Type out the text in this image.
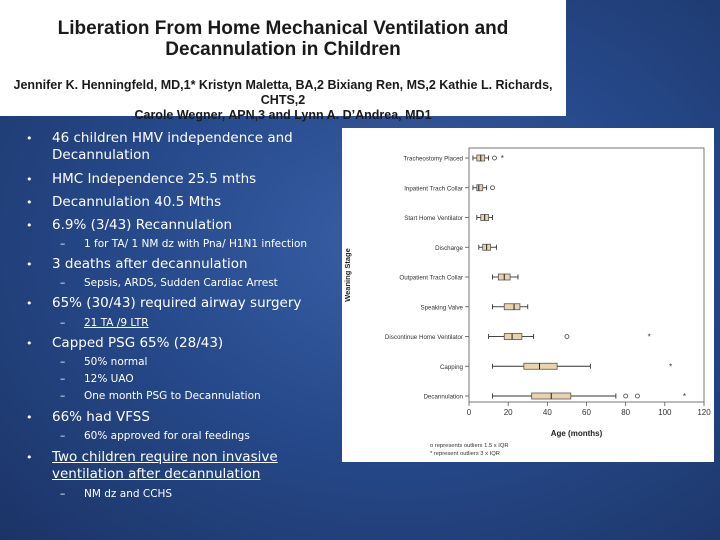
Liberation From Home Mechanical Ventilation and
Decannulation in Children
Jennifer K. Henningfeld, MD,1* Kristyn Maletta, BA,2 Bixiang Ren, MS,2 Kathie L. Richards, CHTS,2
Carole Wegner, APN,3 and Lynn A. D’Andrea, MD1
• 46 children HMV independence and Decannulation
• HMC Independence 25.5 mths
• Decannulation 40.5 Mths
• 6.9% (3/43) Recannulation
– 1 for TA/ 1 NM dz with Pna/ H1N1 infection
• 3 deaths after decannulation
– Sepsis, ARDS, Sudden Cardiac Arrest
• 65% (30/43) required airway surgery
– 21 TA /9 LTR
• Capped PSG 65% (28/43)
– 50% normal
– 12% UAO
– One month PSG to Decannulation
• 66% had VFSS
– 60% approved for oral feedings
• Two children require non invasive ventilation after decannulation
– NM dz and CCHS
0	20	40	60	80	100	120
Age (months)
Weaning Stage
Tracheostomy Placed	*
Inpatient Trach Collar
Start Home Ventilator
Discharge
Outpatient Trach Collar
Speaking Valve
Discontinue Home Ventilator	*
Capping	*
Decannulation	*
o represents outliers 1.5 x IQR
* represent outliers 3 x IQR
